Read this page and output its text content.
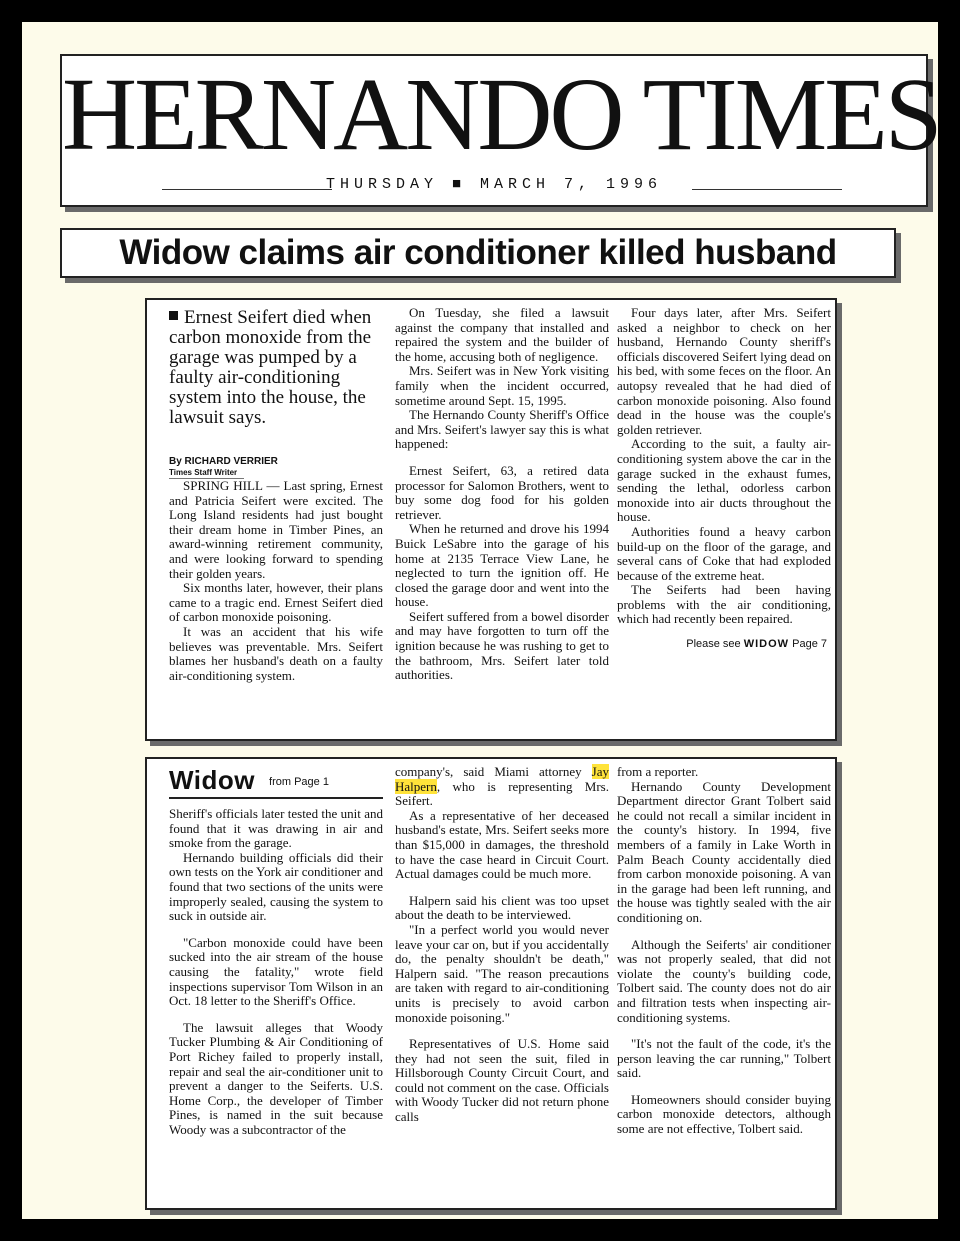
HERNANDO TIMES
THURSDAY ■ MARCH 7, 1996
Widow claims air conditioner killed husband
Ernest Seifert died when carbon monoxide from the garage was pumped by a faulty air-conditioning system into the house, the lawsuit says.

By RICHARD VERRIER

Times Staff Writer

SPRING HILL — Last spring, Ernest and Patricia Seifert were excited. The Long Island residents had just bought their dream home in Timber Pines, an award-winning retirement community, and were looking forward to spending their golden years.

Six months later, however, their plans came to a tragic end. Ernest Seifert died of carbon monoxide poisoning.

It was an accident that his wife believes was preventable. Mrs. Seifert blames her husband's death on a faulty air-conditioning system.

On Tuesday, she filed a lawsuit against the company that installed and repaired the system and the builder of the home, accusing both of negligence.

Mrs. Seifert was in New York visiting family when the incident occurred, sometime around Sept. 15, 1995.

The Hernando County Sheriff's Office and Mrs. Seifert's lawyer say this is what happened:

Ernest Seifert, 63, a retired data processor for Salomon Brothers, went to buy some dog food for his golden retriever.

When he returned and drove his 1994 Buick LeSabre into the garage of his home at 2135 Terrace View Lane, he neglected to turn the ignition off. He closed the garage door and went into the house.

Seifert suffered from a bowel disorder and may have forgotten to turn off the ignition because he was rushing to get to the bathroom, Mrs. Seifert later told authorities.

Four days later, after Mrs. Seifert asked a neighbor to check on her husband, Hernando County sheriff's officials discovered Seifert lying dead on his bed, with some feces on the floor. An autopsy revealed that he had died of carbon monoxide poisoning. Also found dead in the house was the couple's golden retriever.

According to the suit, a faulty air-conditioning system above the car in the garage sucked in the exhaust fumes, sending the lethal, odorless carbon monoxide into air ducts throughout the house.

Authorities found a heavy carbon build-up on the floor of the garage, and several cans of Coke that had exploded because of the extreme heat.

The Seiferts had been having problems with the air conditioning, which had recently been repaired.

Please see WIDOW Page 7
Widow $^{from Page 1}$

Sheriff's officials later tested the unit and found that it was drawing in air and smoke from the garage.

Hernando building officials did their own tests on the York air conditioner and found that two sections of the units were improperly sealed, causing the system to suck in outside air.

"Carbon monoxide could have been sucked into the air stream of the house causing the fatality," wrote field inspections supervisor Tom Wilson in an Oct. 18 letter to the Sheriff's Office.

The lawsuit alleges that Woody Tucker Plumbing & Air Conditioning of Port Richey failed to properly install, repair and seal the air-conditioner unit to prevent a danger to the Seiferts. U.S. Home Corp., the developer of Timber Pines, is named in the suit because Woody was a subcontractor of the

company's, said Miami attorney Jay Halpern, who is representing Mrs. Seifert.

As a representative of her deceased husband's estate, Mrs. Seifert seeks more than $15,000 in damages, the threshold to have the case heard in Circuit Court. Actual damages could be much more.

Halpern said his client was too upset about the death to be interviewed.

"In a perfect world you would never leave your car on, but if you accidentally do, the penalty shouldn't be death," Halpern said. "The reason precautions are taken with regard to air-conditioning units is precisely to avoid carbon monoxide poisoning."

Representatives of U.S. Home said they had not seen the suit, filed in Hillsborough County Circuit Court, and could not comment on the case. Officials with Woody Tucker did not return phone calls

from a reporter.

Hernando County Development Department director Grant Tolbert said he could not recall a similar incident in the county's history. In 1994, five members of a family in Lake Worth in Palm Beach County accidentally died from carbon monoxide poisoning. A van in the garage had been left running, and the house was tightly sealed with the air conditioning on.

Although the Seiferts' air conditioner was not properly sealed, that did not violate the county's building code, Tolbert said. The county does not do air and filtration tests when inspecting air-conditioning systems.

"It's not the fault of the code, it's the person leaving the car running," Tolbert said.

Homeowners should consider buying carbon monoxide detectors, although some are not effective, Tolbert said.
